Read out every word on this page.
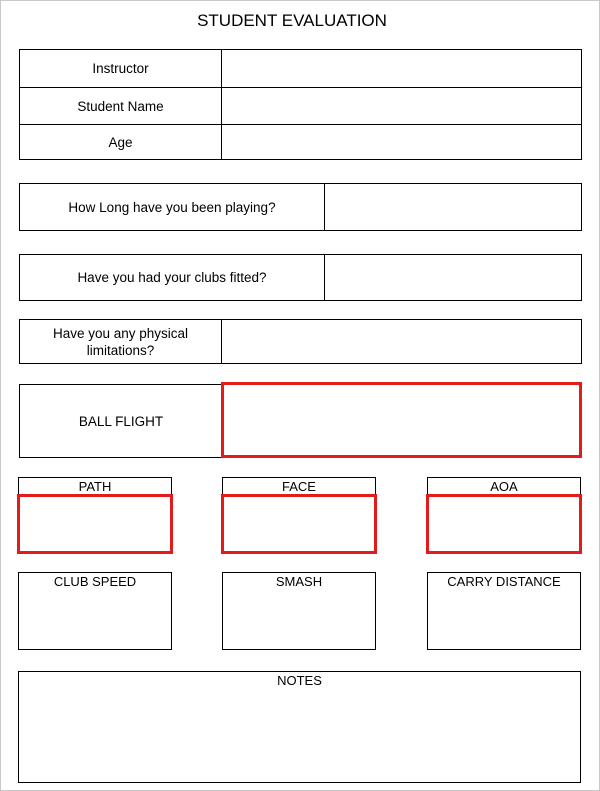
STUDENT EVALUATION
Instructor
Student Name
Age
How Long have you been playing?
Have you had your clubs fitted?
Have you any physical limitations?
BALL FLIGHT
PATH	FACE	AOA
CLUB SPEED	SMASH	CARRY DISTANCE
NOTES
